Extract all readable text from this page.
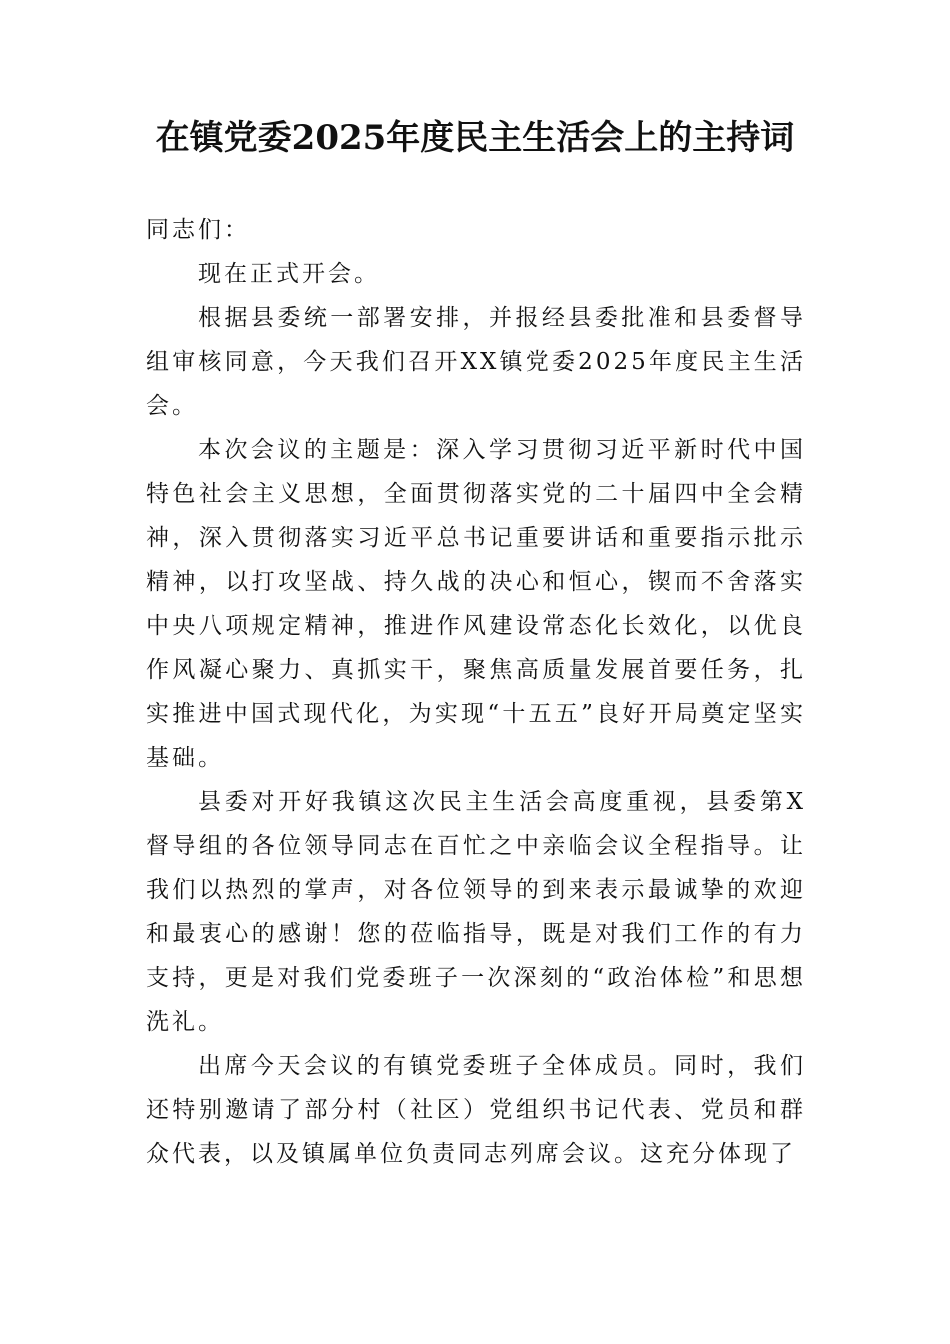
在镇党委2025年度民主生活会上的主持词

同志们：

现在正式开会。

根据县委统一部署安排，并报经县委批准和县委督导组审核同意，今天我们召开XX镇党委2025年度民主生活会。

本次会议的主题是：深入学习贯彻习近平新时代中国特色社会主义思想，全面贯彻落实党的二十届四中全会精神，深入贯彻落实习近平总书记重要讲话和重要指示批示精神，以打攻坚战、持久战的决心和恒心，锲而不舍落实中央八项规定精神，推进作风建设常态化长效化，以优良作风凝心聚力、真抓实干，聚焦高质量发展首要任务，扎实推进中国式现代化，为实现“十五五”良好开局奠定坚实基础。

县委对开好我镇这次民主生活会高度重视，县委第X督导组的各位领导同志在百忙之中亲临会议全程指导。让我们以热烈的掌声，对各位领导的到来表示最诚挚的欢迎和最衷心的感谢！您的莅临指导，既是对我们工作的有力支持，更是对我们党委班子一次深刻的“政治体检”和思想洗礼。

出席今天会议的有镇党委班子全体成员。同时，我们还特别邀请了部分村（社区）党组织书记代表、党员和群众代表，以及镇属单位负责同志列席会议。这充分体现了
